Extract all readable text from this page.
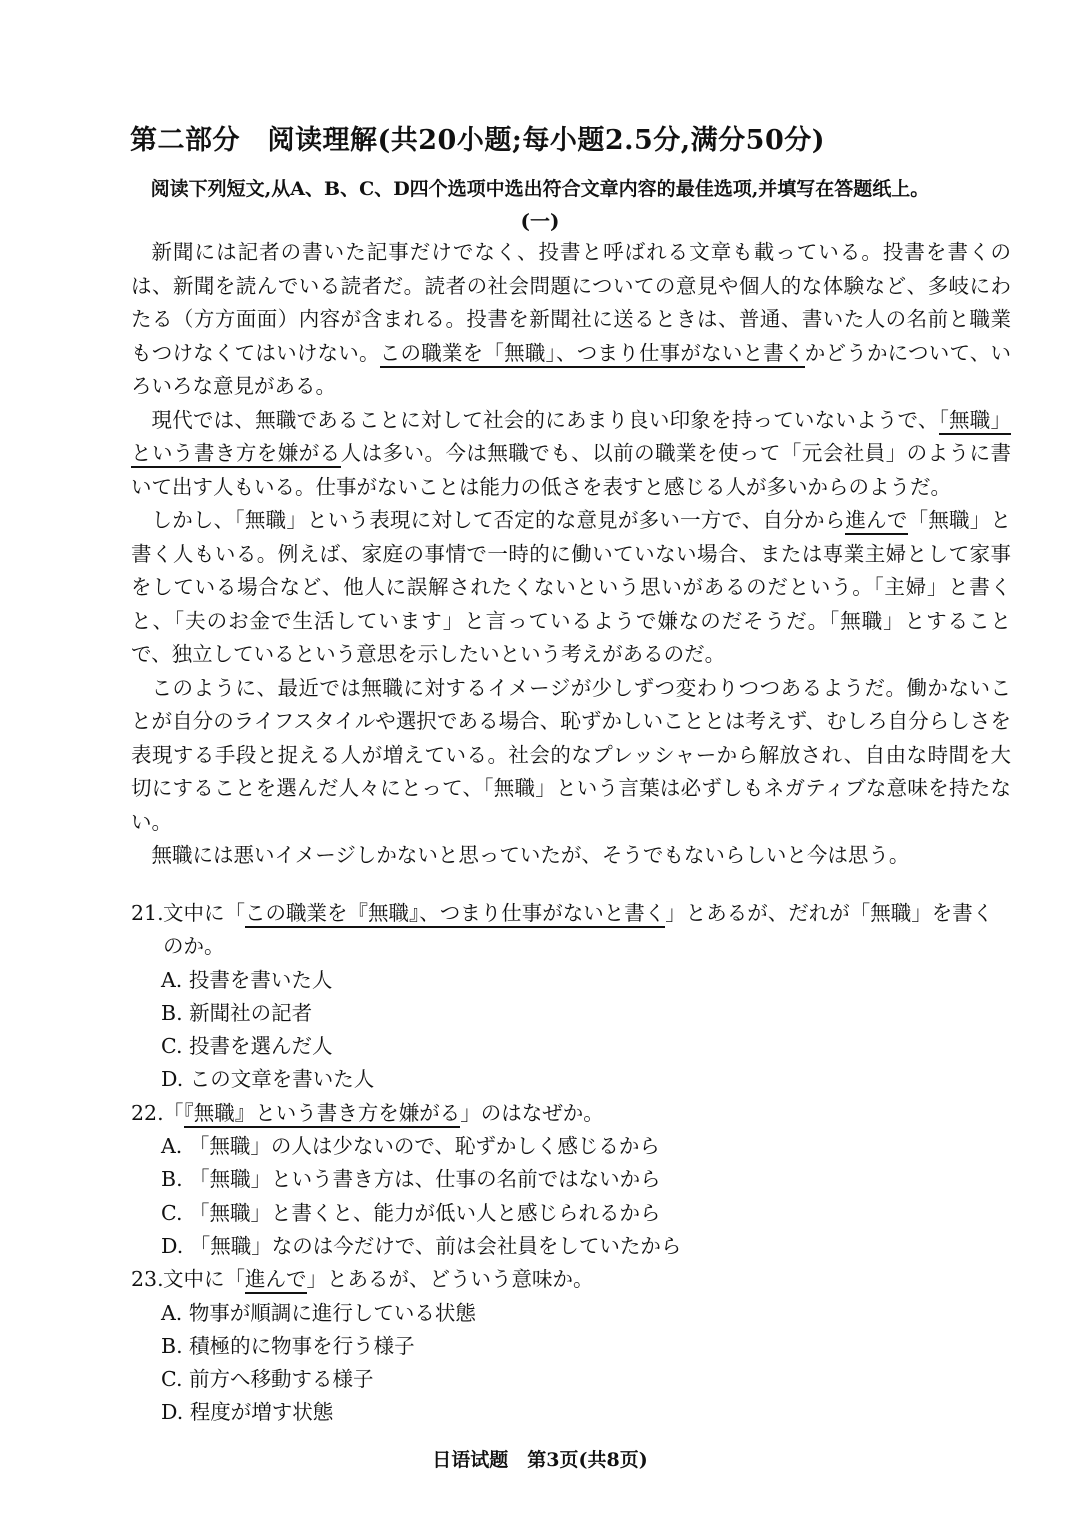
第二部分　阅读理解(共20小题;每小题2.5分,满分50分)
阅读下列短文,从A、B、C、D四个选项中选出符合文章内容的最佳选项,并填写在答题纸上。
(一)

新聞には記者の書いた記事だけでなく、投書と呼ばれる文章も載っている。投書を書くのは、新聞を読んでいる読者だ。読者の社会問題についての意見や個人的な体験など、多岐にわたる（方方面面）内容が含まれる。投書を新聞社に送るときは、普通、書いた人の名前と職業もつけなくてはいけない。この職業を「無職」、つまり仕事がないと書くかどうかについて、いろいろな意見がある。

現代では、無職であることに対して社会的にあまり良い印象を持っていないようで、「無職」という書き方を嫌がる人は多い。今は無職でも、以前の職業を使って「元会社員」のように書いて出す人もいる。仕事がないことは能力の低さを表すと感じる人が多いからのようだ。

しかし、「無職」という表現に対して否定的な意見が多い一方で、自分から進んで「無職」と書く人もいる。例えば、家庭の事情で一時的に働いていない場合、または専業主婦として家事をしている場合など、他人に誤解されたくないという思いがあるのだという。「主婦」と書くと、「夫のお金で生活しています」と言っているようで嫌なのだそうだ。「無職」とすることで、独立しているという意思を示したいという考えがあるのだ。

このように、最近では無職に対するイメージが少しずつ変わりつつあるようだ。働かないことが自分のライフスタイルや選択である場合、恥ずかしいこととは考えず、むしろ自分らしさを表現する手段と捉える人が増えている。社会的なプレッシャーから解放され、自由な時間を大切にすることを選んだ人々にとって、「無職」という言葉は必ずしもネガティブな意味を持たない。

無職には悪いイメージしかないと思っていたが、そうでもないらしいと今は思う。

21. 文中に「この職業を『無職』、つまり仕事がないと書く」とあるが、だれが「無職」を書くのか。
A. 投書を書いた人
B. 新聞社の記者
C. 投書を選んだ人
D. この文章を書いた人
22. 「『無職』という書き方を嫌がる」のはなぜか。
A. 「無職」の人は少ないので、恥ずかしく感じるから
B. 「無職」という書き方は、仕事の名前ではないから
C. 「無職」と書くと、能力が低い人と感じられるから
D. 「無職」なのは今だけで、前は会社員をしていたから
23. 文中に「進んで」とあるが、どういう意味か。
A. 物事が順調に進行している状態
B. 積極的に物事を行う様子
C. 前方へ移動する様子
D. 程度が増す状態
日语试题　第3页(共8页)
